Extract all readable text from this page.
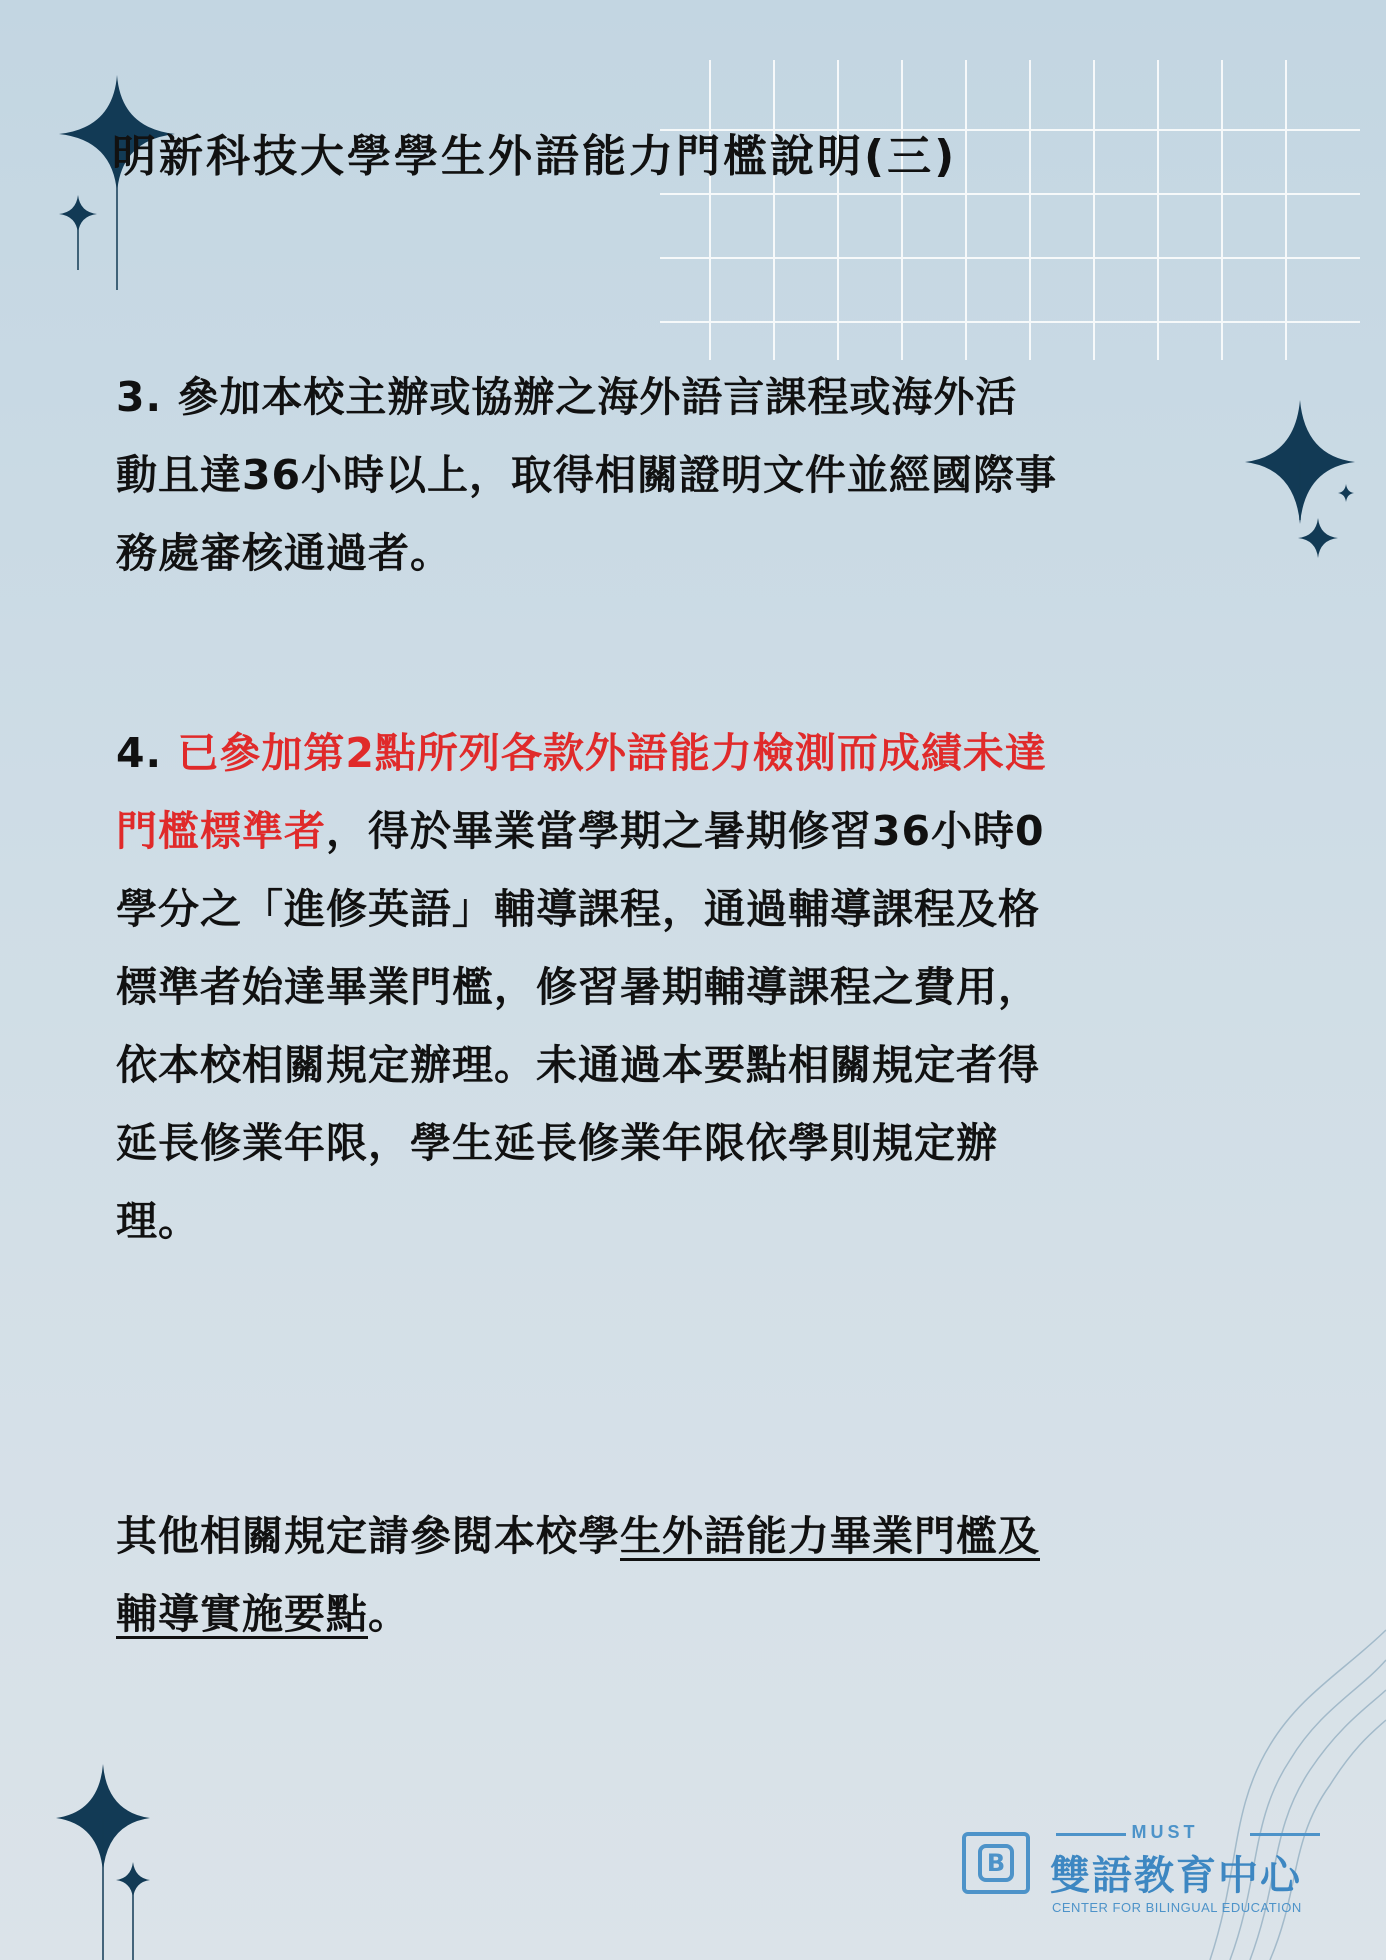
明新科技大學學生外語能力門檻說明(三)
3. 參加本校主辦或協辦之海外語言課程或海外活
動且達36小時以上，取得相關證明文件並經國際事
務處審核通過者。
4. 已參加第2點所列各款外語能力檢測而成績未達
門檻標準者，得於畢業當學期之暑期修習36小時0
學分之「進修英語」輔導課程，通過輔導課程及格
標準者始達畢業門檻，修習暑期輔導課程之費用，
依本校相關規定辦理。未通過本要點相關規定者得
延長修業年限，學生延長修業年限依學則規定辦
理。
其他相關規定請參閱本校學生外語能力畢業門檻及
輔導實施要點。
B
MUST
雙語教育中心
CENTER FOR BILINGUAL EDUCATION
